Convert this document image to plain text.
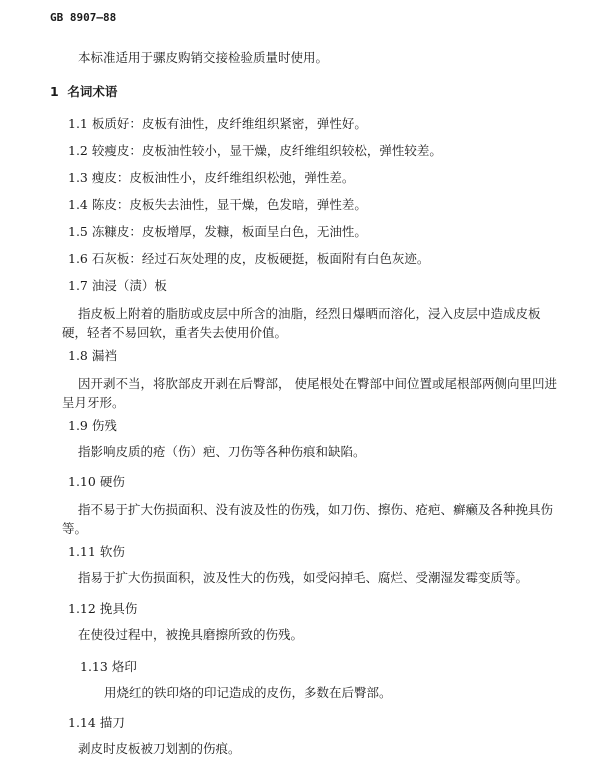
GB 8907—88
本标准适用于骡皮购销交接检验质量时使用。
1 名词术语
1.1 板质好：皮板有油性，皮纤维组织紧密，弹性好。
1.2 较瘦皮：皮板油性较小，显干燥，皮纤维组织较松，弹性较差。
1.3 瘦皮：皮板油性小，皮纤维组织松弛，弹性差。
1.4 陈皮：皮板失去油性，显干燥，色发暗，弹性差。
1.5 冻糠皮：皮板增厚，发糠，板面呈白色，无油性。
1.6 石灰板：经过石灰处理的皮，皮板硬挺，板面附有白色灰迹。
1.7 油浸（渍）板
指皮板上附着的脂肪或皮层中所含的油脂，经烈日爆晒而溶化，浸入皮层中造成皮板硬，轻者不易回软，重者失去使用价值。
1.8 漏裆
因开剥不当，将肷部皮开剥在后臀部， 使尾根处在臀部中间位置或尾根部两侧向里凹进呈月牙形。
1.9 伤残
指影响皮质的疮（伤）疤、刀伤等各种伤痕和缺陷。
1.10 硬伤
指不易于扩大伤损面积、没有波及性的伤残，如刀伤、擦伤、疮疤、癣癞及各种挽具伤等。
1.11 软伤
指易于扩大伤损面积，波及性大的伤残，如受闷掉毛、腐烂、受潮湿发霉变质等。
1.12 挽具伤
在使役过程中，被挽具磨擦所致的伤残。
1.13 烙印
用烧红的铁印烙的印记造成的皮伤，多数在后臀部。
1.14 描刀
剥皮时皮板被刀划割的伤痕。
